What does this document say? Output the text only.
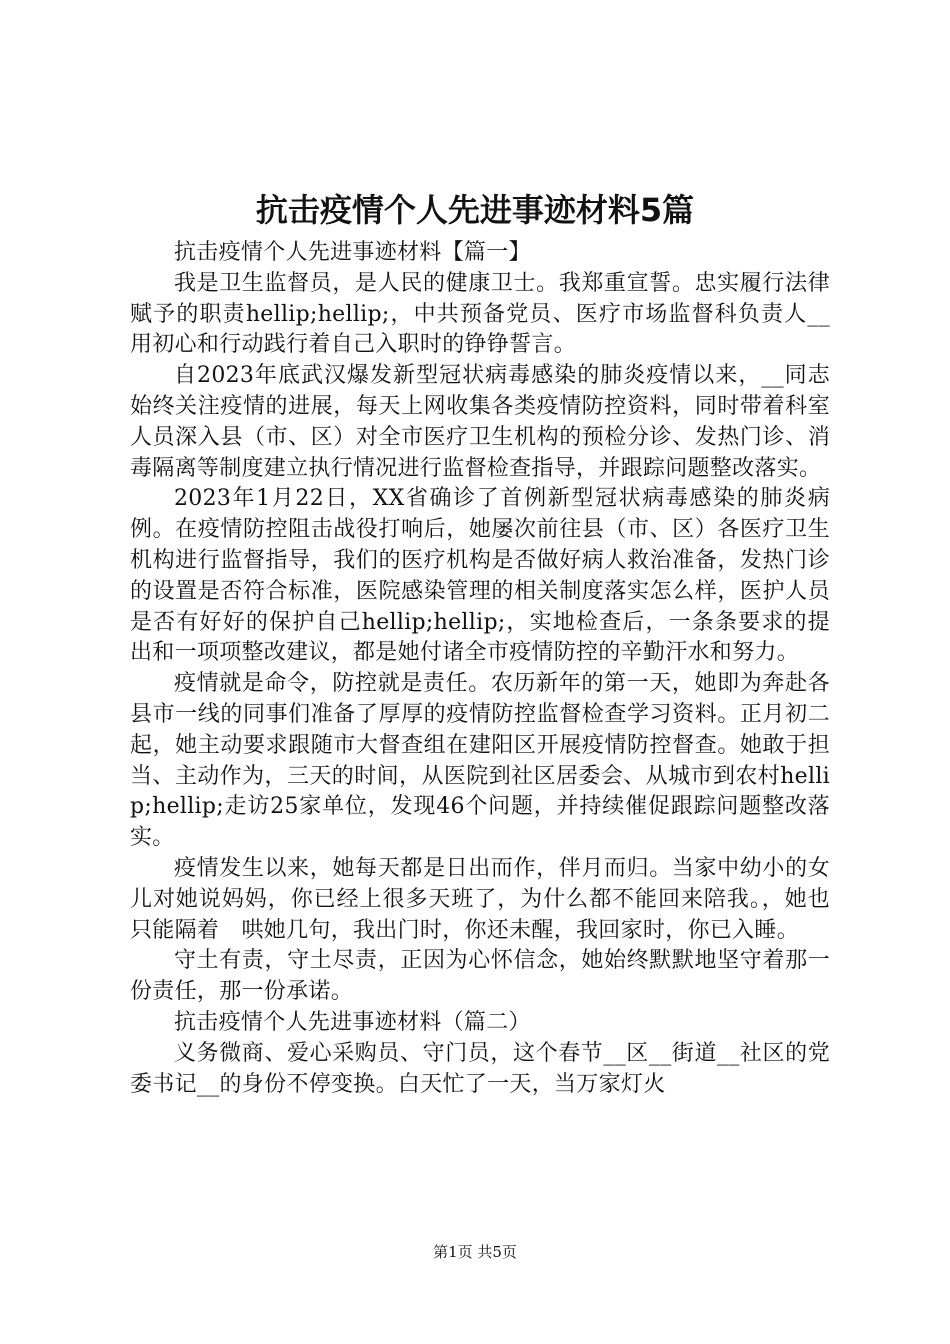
抗击疫情个人先进事迹材料5篇

抗击疫情个人先进事迹材料【篇一】

我是卫生监督员，是人民的健康卫士。我郑重宣誓。忠实履行法律赋予的职责hellip;hellip;，中共预备党员、医疗市场监督科负责人__用初心和行动践行着自己入职时的铮铮誓言。

自2023年底武汉爆发新型冠状病毒感染的肺炎疫情以来，__同志始终关注疫情的进展，每天上网收集各类疫情防控资料，同时带着科室人员深入县（市、区）对全市医疗卫生机构的预检分诊、发热门诊、消毒隔离等制度建立执行情况进行监督检查指导，并跟踪问题整改落实。

2023年1月22日，XX省确诊了首例新型冠状病毒感染的肺炎病例。在疫情防控阻击战役打响后，她屡次前往县（市、区）各医疗卫生机构进行监督指导，我们的医疗机构是否做好病人救治准备，发热门诊的设置是否符合标准，医院感染管理的相关制度落实怎么样，医护人员是否有好好的保护自己hellip;hellip;，实地检查后，一条条要求的提出和一项项整改建议，都是她付诸全市疫情防控的辛勤汗水和努力。

疫情就是命令，防控就是责任。农历新年的第一天，她即为奔赴各县市一线的同事们准备了厚厚的疫情防控监督检查学习资料。正月初二起，她主动要求跟随市大督查组在建阳区开展疫情防控督查。她敢于担当、主动作为，三天的时间，从医院到社区居委会、从城市到农村hellip;hellip;走访25家单位，发现46个问题，并持续催促跟踪问题整改落实。

疫情发生以来，她每天都是日出而作，伴月而归。当家中幼小的女儿对她说妈妈，你已经上很多天班了，为什么都不能回来陪我。，她也只能隔着　哄她几句，我出门时，你还未醒，我回家时，你已入睡。

守土有责，守土尽责，正因为心怀信念，她始终默默地坚守着那一份责任，那一份承诺。

抗击疫情个人先进事迹材料（篇二）

义务微商、爱心采购员、守门员，这个春节__区__街道__社区的党委书记__的身份不停变换。白天忙了一天，当万家灯火

第1页 共5页
